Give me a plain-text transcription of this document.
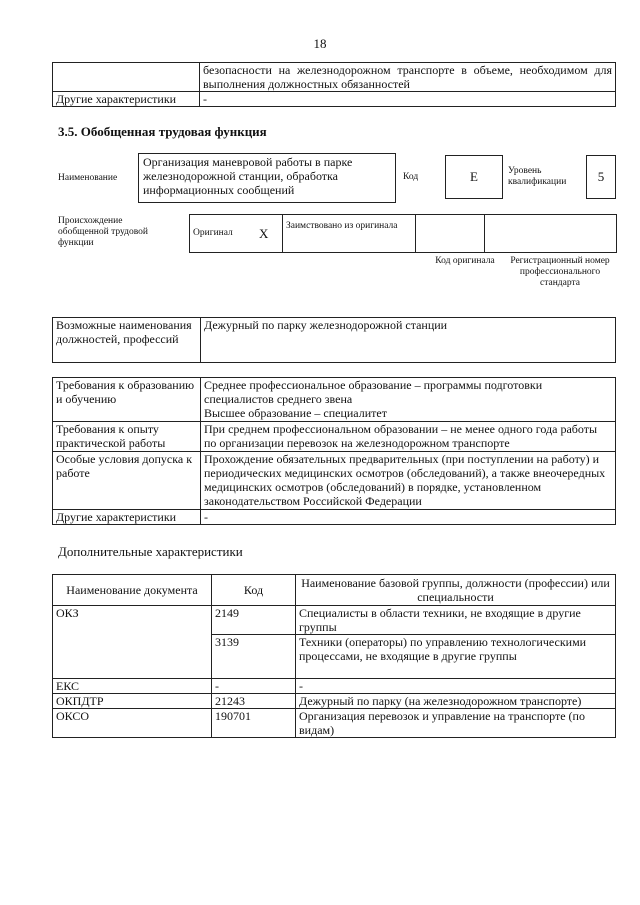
18
	безопасности на железнодорожном транспорте в объеме, необходимом для выполнения должностных обязанностей
Другие характеристики	-
3.5. Обобщенная трудовая функция
Наименование
Организация маневровой работы в парке железнодорожной станции, обработка информационных сообщений
Код	Е	Уровень квалификации	5
Происхождение обобщенной трудовой функции
Оригинал	Х	Заимствовано из оригинала		
Код оригинала	Регистрационный номер профессионального стандарта
Возможные наименования должностей, профессий	Дежурный по парку железнодорожной станции
Требования к образованию и обучению	Среднее профессиональное образование – программы подготовки специалистов среднего звена
Высшее образование – специалитет
Требования к опыту практической работы	При среднем профессиональном образовании – не менее одного года работы по организации перевозок на железнодорожном транспорте
Особые условия допуска к работе	Прохождение обязательных предварительных (при поступлении на работу) и периодических медицинских осмотров (обследований), а также внеочередных медицинских осмотров (обследований) в порядке, установленном законодательством Российской Федерации
Другие характеристики	-
Дополнительные характеристики
Наименование документа	Код	Наименование базовой группы, должности (профессии) или специальности
ОКЗ	2149	Специалисты в области техники, не входящие в другие группы
	3139	Техники (операторы) по управлению технологическими процессами, не входящие в другие группы
ЕКС	-	-
ОКПДТР	21243	Дежурный по парку (на железнодорожном транспорте)
ОКСО	190701	Организация перевозок и управление на транспорте (по видам)
